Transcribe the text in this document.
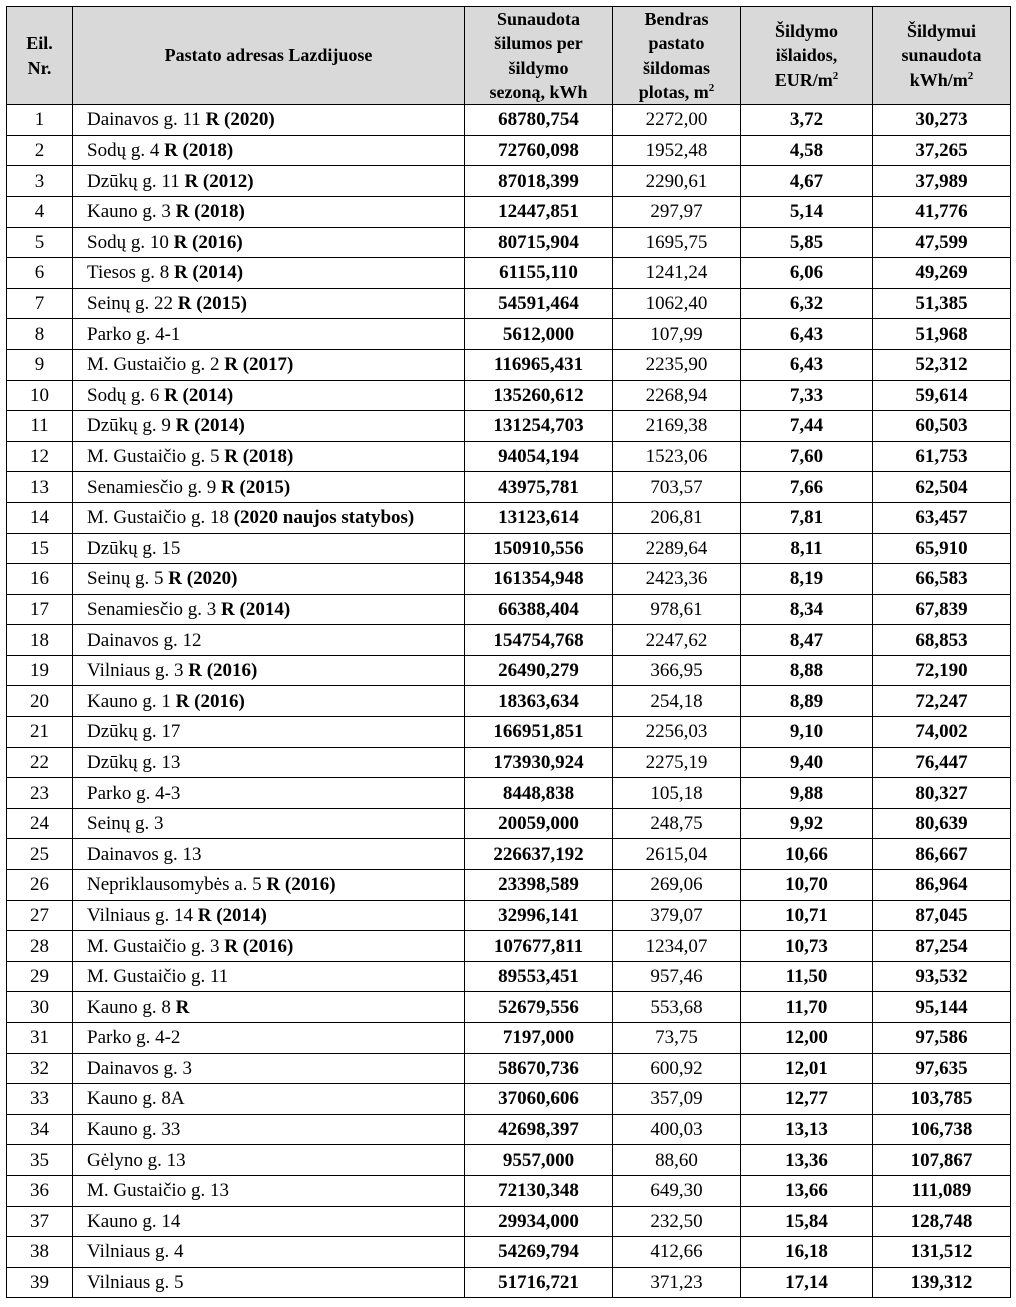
Eil.
Nr.	Pastato adresas Lazdijuose	Sunaudota
šilumos per
šildymo
sezoną, kWh	Bendras
pastato
šildomas
plotas, $m^2$	Šildymo
išlaidos,
EUR/$m^2$	Šildymui
sunaudota
kWh/$m^2$
1	Dainavos g. 11 R (2020)	68780,754	2272,00	3,72	30,273
2	Sodų g. 4 R (2018)	72760,098	1952,48	4,58	37,265
3	Dzūkų g. 11 R (2012)	87018,399	2290,61	4,67	37,989
4	Kauno g. 3 R (2018)	12447,851	297,97	5,14	41,776
5	Sodų g. 10 R (2016)	80715,904	1695,75	5,85	47,599
6	Tiesos g. 8 R (2014)	61155,110	1241,24	6,06	49,269
7	Seinų g. 22 R (2015)	54591,464	1062,40	6,32	51,385
8	Parko g. 4-1	5612,000	107,99	6,43	51,968
9	M. Gustaičio g. 2 R (2017)	116965,431	2235,90	6,43	52,312
10	Sodų g. 6 R (2014)	135260,612	2268,94	7,33	59,614
11	Dzūkų g. 9 R (2014)	131254,703	2169,38	7,44	60,503
12	M. Gustaičio g. 5 R (2018)	94054,194	1523,06	7,60	61,753
13	Senamiesčio g. 9 R (2015)	43975,781	703,57	7,66	62,504
14	M. Gustaičio g. 18 (2020 naujos statybos)	13123,614	206,81	7,81	63,457
15	Dzūkų g. 15	150910,556	2289,64	8,11	65,910
16	Seinų g. 5 R (2020)	161354,948	2423,36	8,19	66,583
17	Senamiesčio g. 3 R (2014)	66388,404	978,61	8,34	67,839
18	Dainavos g. 12	154754,768	2247,62	8,47	68,853
19	Vilniaus g. 3 R (2016)	26490,279	366,95	8,88	72,190
20	Kauno g. 1 R (2016)	18363,634	254,18	8,89	72,247
21	Dzūkų g. 17	166951,851	2256,03	9,10	74,002
22	Dzūkų g. 13	173930,924	2275,19	9,40	76,447
23	Parko g. 4-3	8448,838	105,18	9,88	80,327
24	Seinų g. 3	20059,000	248,75	9,92	80,639
25	Dainavos g. 13	226637,192	2615,04	10,66	86,667
26	Nepriklausomybės a. 5 R (2016)	23398,589	269,06	10,70	86,964
27	Vilniaus g. 14 R (2014)	32996,141	379,07	10,71	87,045
28	M. Gustaičio g. 3 R (2016)	107677,811	1234,07	10,73	87,254
29	M. Gustaičio g. 11	89553,451	957,46	11,50	93,532
30	Kauno g. 8 R	52679,556	553,68	11,70	95,144
31	Parko g. 4-2	7197,000	73,75	12,00	97,586
32	Dainavos g. 3	58670,736	600,92	12,01	97,635
33	Kauno g. 8A	37060,606	357,09	12,77	103,785
34	Kauno g. 33	42698,397	400,03	13,13	106,738
35	Gėlyno g. 13	9557,000	88,60	13,36	107,867
36	M. Gustaičio g. 13	72130,348	649,30	13,66	111,089
37	Kauno g. 14	29934,000	232,50	15,84	128,748
38	Vilniaus g. 4	54269,794	412,66	16,18	131,512
39	Vilniaus g. 5	51716,721	371,23	17,14	139,312
